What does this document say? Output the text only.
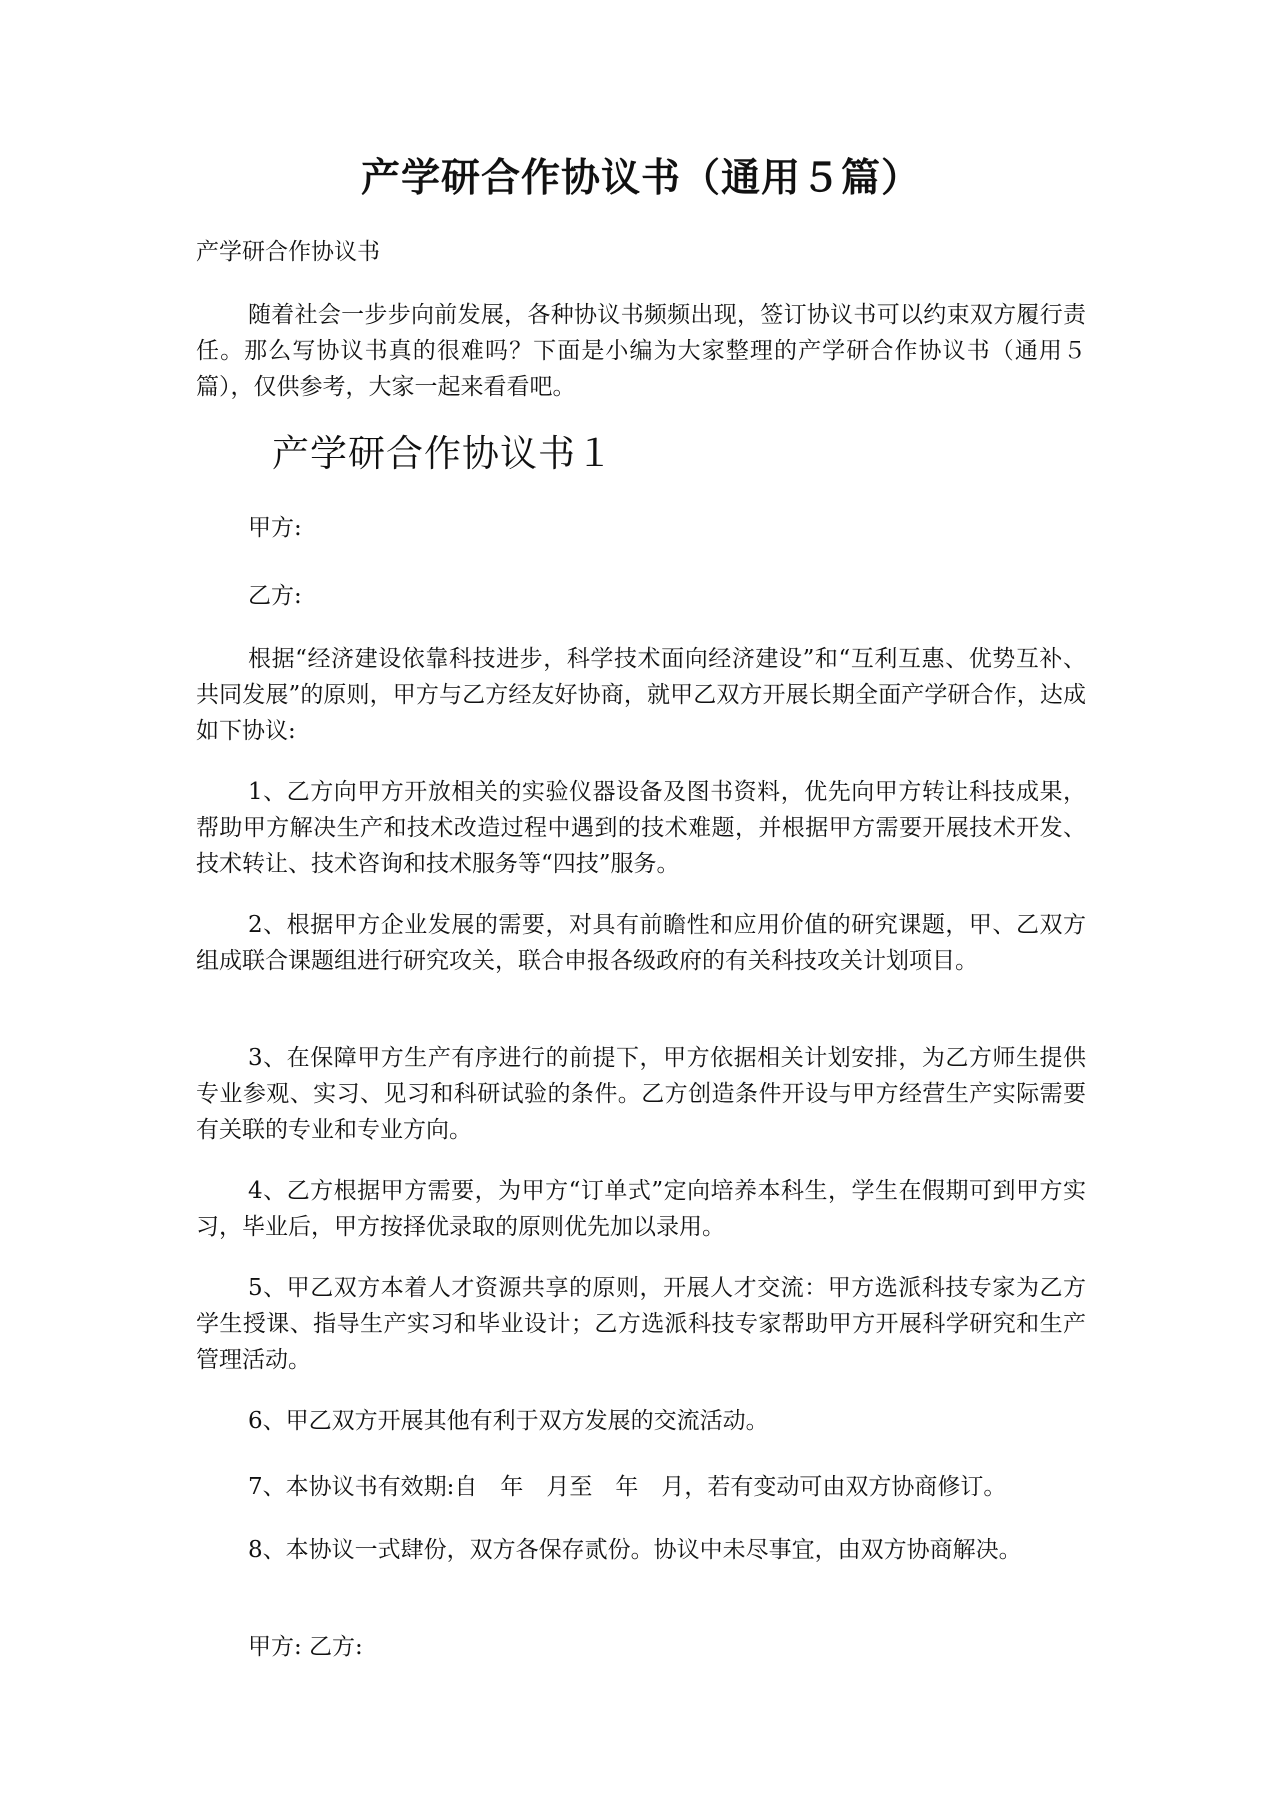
产学研合作协议书（通用５篇）
产学研合作协议书

随着社会一步步向前发展，各种协议书频频出现，签订协议书可以约束双方履行责任。那么写协议书真的很难吗？下面是小编为大家整理的产学研合作协议书（通用５篇），仅供参考，大家一起来看看吧。

产学研合作协议书１

甲方:

乙方:

根据“经济建设依靠科技进步，科学技术面向经济建设”和“互利互惠、优势互补、共同发展”的原则，甲方与乙方经友好协商，就甲乙双方开展长期全面产学研合作，达成如下协议:

1、乙方向甲方开放相关的实验仪器设备及图书资料，优先向甲方转让科技成果，帮助甲方解决生产和技术改造过程中遇到的技术难题，并根据甲方需要开展技术开发、技术转让、技术咨询和技术服务等“四技”服务。

2、根据甲方企业发展的需要，对具有前瞻性和应用价值的研究课题，甲、乙双方组成联合课题组进行研究攻关，联合申报各级政府的有关科技攻关计划项目。

3、在保障甲方生产有序进行的前提下，甲方依据相关计划安排，为乙方师生提供专业参观、实习、见习和科研试验的条件。乙方创造条件开设与甲方经营生产实际需要有关联的专业和专业方向。

4、乙方根据甲方需要，为甲方“订单式”定向培养本科生，学生在假期可到甲方实习，毕业后，甲方按择优录取的原则优先加以录用。

5、甲乙双方本着人才资源共享的原则，开展人才交流：甲方选派科技专家为乙方学生授课、指导生产实习和毕业设计；乙方选派科技专家帮助甲方开展科学研究和生产管理活动。

6、甲乙双方开展其他有利于双方发展的交流活动。

7、本协议书有效期:自　年　月至　年　月，若有变动可由双方协商修订。

8、本协议一式肆份，双方各保存贰份。协议中未尽事宜，由双方协商解决。

甲方: 乙方:
